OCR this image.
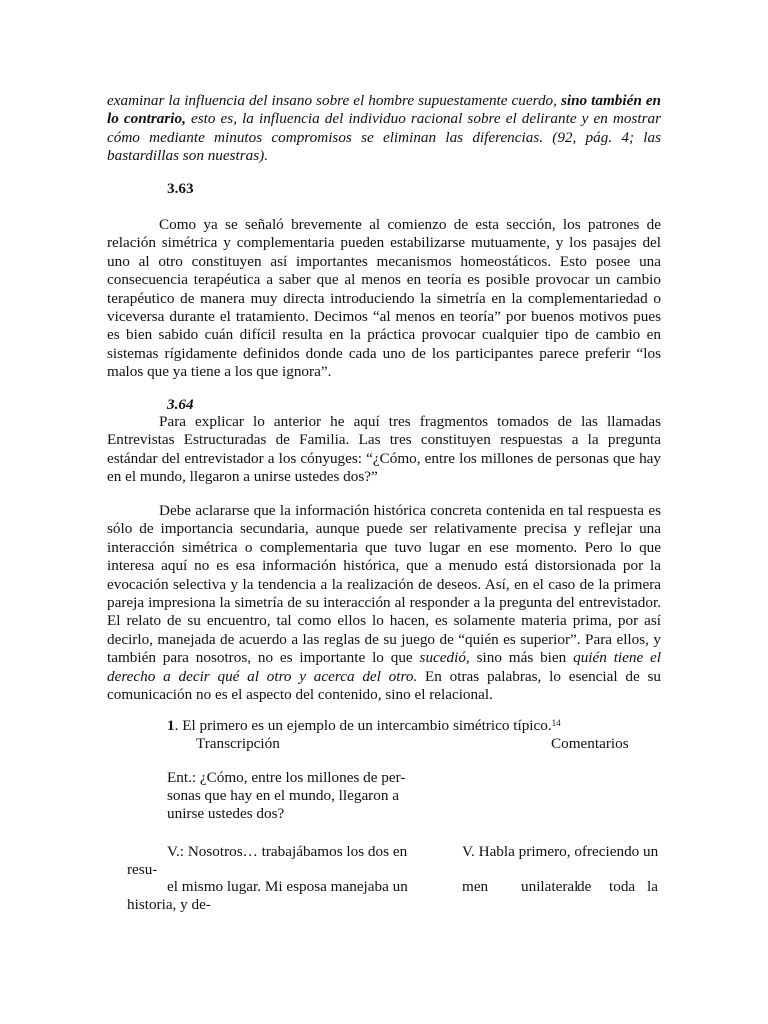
examinar la influencia del insano sobre el hombre supuestamente cuerdo, sino también en lo contrario, esto es, la influencia del individuo racional sobre el delirante y en mostrar cómo mediante minutos compromisos se eliminan las diferencias. (92, pág. 4; las bastardillas son nuestras).

3.63

Como ya se señaló brevemente al comienzo de esta sección, los patrones de relación simétrica y complementaria pueden estabilizarse mutuamente, y los pasajes del uno al otro constituyen así importantes mecanismos homeostáticos. Esto posee una consecuencia terapéutica a saber que al menos en teoría es posible provocar un cambio terapéutico de manera muy directa introduciendo la simetría en la complementariedad o viceversa durante el tratamiento. Decimos “al menos en teoría” por buenos motivos pues es bien sabido cuán difícil resulta en la práctica provocar cualquier tipo de cambio en sistemas rígidamente definidos donde cada uno de los participantes parece preferir “los malos que ya tiene a los que ignora”.

3.64

Para explicar lo anterior he aquí tres fragmentos tomados de las llamadas Entrevistas Estructuradas de Familia. Las tres constituyen respuestas a la pregunta estándar del entrevistador a los cónyuges: “¿Cómo, entre los millones de personas que hay en el mundo, llegaron a unirse ustedes dos?”

Debe aclararse que la información histórica concreta contenida en tal respuesta es sólo de importancia secundaria, aunque puede ser relativamente precisa y reflejar una interacción simétrica o complementaria que tuvo lugar en ese momento. Pero lo que interesa aquí no es esa información histórica, que a menudo está distorsionada por la evocación selectiva y la tendencia a la realización de deseos. Así, en el caso de la primera pareja impresiona la simetría de su interacción al responder a la pregunta del entrevistador. El relato de su encuentro, tal como ellos lo hacen, es solamente materia prima, por así decirlo, manejada de acuerdo a las reglas de su juego de “quién es superior”. Para ellos, y también para nosotros, no es importante lo que sucedió, sino más bien quién tiene el derecho a decir qué al otro y acerca del otro. En otras palabras, lo esencial de su comunicación no es el aspecto del contenido, sino el relacional.

1. El primero es un ejemplo de un intercambio simétrico típico.$^{14}$
Transcripción	Comentarios
Ent.: ¿Cómo, entre los millones de per-
sonas que hay en el mundo, llegaron a
unirse ustedes dos?
V.: Nosotros… trabajábamos los dos en
resu-
el mismo lugar. Mi esposa manejaba un
historia, y de-
V. Habla primero, ofreciendo un
men unilateral
de toda la
